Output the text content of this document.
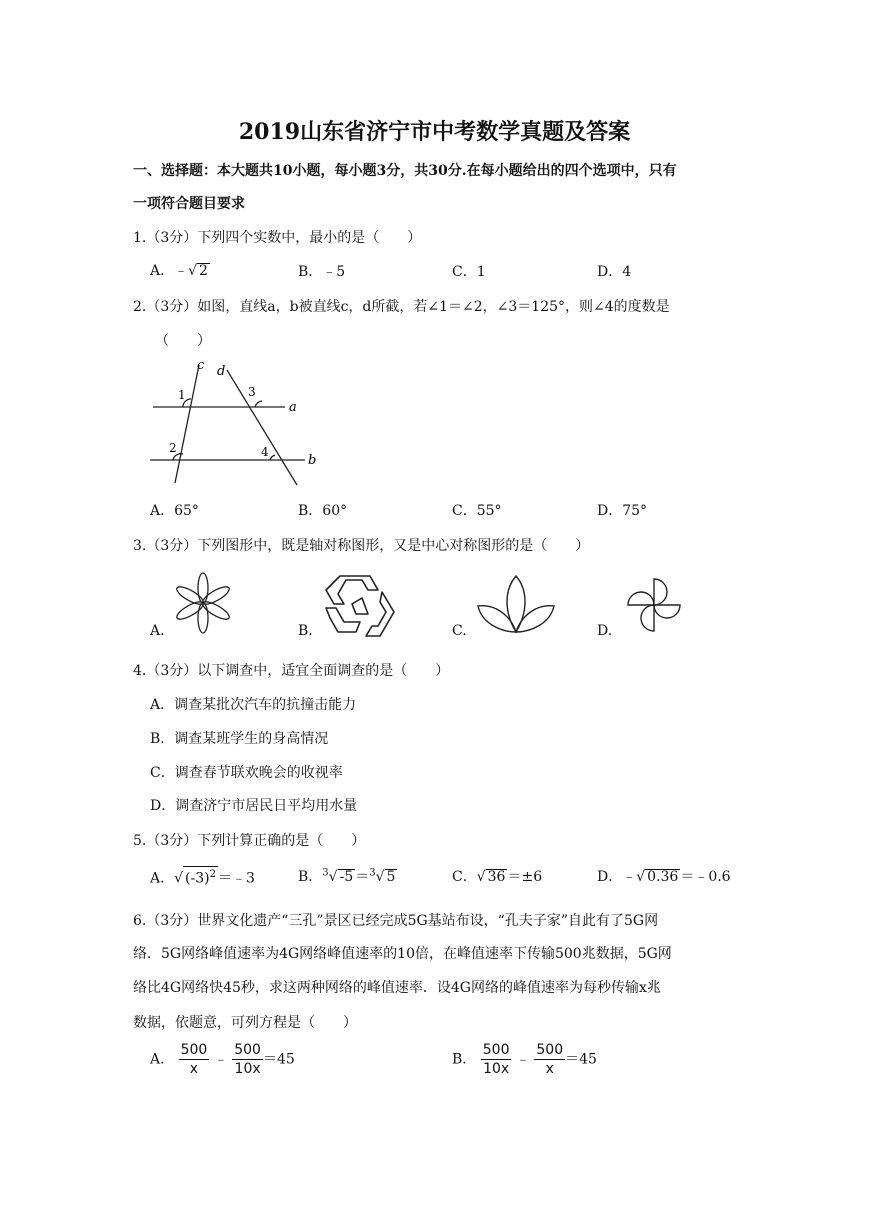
2019山东省济宁市中考数学真题及答案
一、选择题：本大题共10小题，每小题3分，共30分.在每小题给出的四个选项中，只有
一项符合题目要求
1.（3分）下列四个实数中，最小的是（　　）
A．﹣√ 2	B．﹣5	C．1	D．4
2.（3分）如图，直线a，b被直线c，d所截，若∠1＝∠2，∠3＝125°，则∠4的度数是
（　　）
c d
a
b
1
2
3
4
A．65°	B．60°	C．55°	D．75°
3.（3分）下列图形中，既是轴对称图形，又是中心对称图形的是（　　）
A.	B.	C.	D.
4.（3分）以下调查中，适宜全面调查的是（　　）
A．调查某批次汽车的抗撞击能力
B．调查某班学生的身高情况
C．调查春节联欢晚会的收视率
D．调查济宁市居民日平均用水量
5.（3分）下列计算正确的是（　　）
A．√ $(-3)^2$ ＝﹣3	B．$^3$√ -5 ＝$^3$√ 5	C．√ 36 ＝±6	D．﹣√ 0.36 ＝﹣0.6
6.（3分）世界文化遗产“三孔”景区已经完成5G基站布设，“孔夫子家”自此有了5G网
络．5G网络峰值速率为4G网络峰值速率的10倍，在峰值速率下传输500兆数据，5G网
络比4G网络快45秒，求这两种网络的峰值速率．设4G网络的峰值速率为每秒传输x兆
数据，依题意，可列方程是（　　）
A． $\frac{500}{x}$ ﹣ $\frac{500}{10x} =45$	B． $\frac{500}{10x}$ ﹣ $\frac{500}{x} =45$
